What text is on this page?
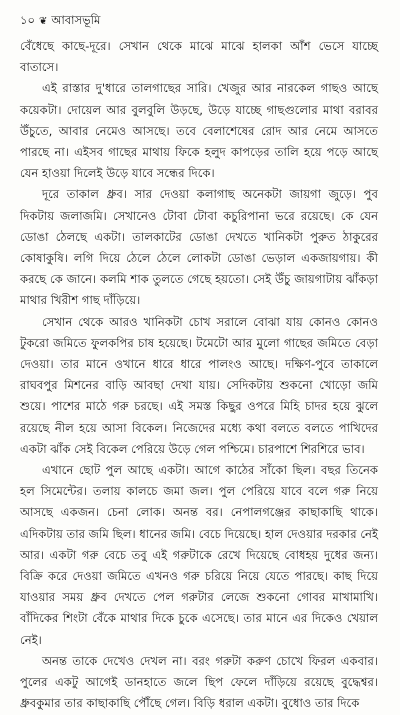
১০ ❦ আবাসভূমি

বেঁধেছে কাছে-দূরে। সেখান থেকে মাঝে মাঝে হালকা আঁশ ভেসে যাচ্ছে বাতাসে।

এই রাস্তার দু'ধারে তালগাছের সারি। খেজুর আর নারকেল গাছও আছে কয়েকটা। দোয়েল আর বুলবুলি উড়ছে, উড়ে যাচ্ছে গাছগুলোর মাথা বরাবর উঁচুতে, আবার নেমেও আসছে। তবে বেলাশেষের রোদ আর নেমে আসতে পারছে না। এইসব গাছের মাথায় ফিকে হলুদ কাপড়ের তালি হয়ে পড়ে আছে যেন হাওয়া দিলেই উড়ে যাবে সন্ধের দিকে।

দূরে তাকাল ধ্রুব। সার দেওয়া কলাগাছ অনেকটা জায়গা জুড়ে। পুব দিকটায় জলাজমি। সেখানেও টোবা টোবা কচুরিপানা ভরে রয়েছে। কে যেন ডোঙা ঠেলছে একটা। তালকাটের ডোঙা দেখতে খানিকটা পুরুত ঠাকুরের কোষাকুষি। লগি দিয়ে ঠেলে ঠেলে লোকটা ডোঙা ভেড়াল একজায়গায়। কী করছে কে জানে। কলমি শাক তুলতে গেছে হয়তো। সেই উঁচু জায়গাটায় ঝাঁকড়া মাথার খিরীশ গাছ দাঁড়িয়ে।

সেখান থেকে আরও খানিকটা চোখ সরালে বোঝা যায় কোনও কোনও টুকরো জমিতে ফুলকপির চাষ হয়েছে। টমেটো আর মুলো গাছের জমিতে বেড়া দেওয়া। তার মানে ওখানে ধারে ধারে পালংও আছে। দক্ষিণ-পুবে তাকালে রাঘবপুর মিশনের বাড়ি আবছা দেখা যায়। সেদিকটায় শুকনো খোড়ো জমি শুয়ে। পাশের মাঠে গরু চরছে। এই সমস্ত কিছুর ওপরে মিহি চাদর হয়ে ঝুলে রয়েছে নীল হয়ে আসা বিকেল। নিজেদের মধ্যে কথা বলতে বলতে পাখিদের একটা ঝাঁক সেই বিকেল পেরিয়ে উড়ে গেল পশ্চিমে। চারপাশে শিরশিরে ভাব।

এখানে ছোট পুল আছে একটা। আগে কাঠের সাঁকো ছিল। বছর তিনেক হল সিমেন্টের। তলায় কালচে জমা জল। পুল পেরিয়ে যাবে বলে গরু নিয়ে আসছে একজন। চেনা লোক। অনন্ত বর। নেপালগঞ্জের কাছাকাছি থাকে। এদিকটায় তার জমি ছিল। ধানের জমি। বেচে দিয়েছে। হাল দেওয়ার দরকার নেই আর। একটা গরু বেচে তবু এই গরুটাকে রেখে দিয়েছে বোধহয় দুধের জন্য। বিক্রি করে দেওয়া জমিতে এখনও গরু চরিয়ে নিয়ে যেতে পারছে। কাছ দিয়ে যাওয়ার সময় ধ্রুব দেখতে পেল গরুটার লেজে শুকনো গোবর মাখামাখি। বাঁদিকের শিংটা বেঁকে মাথার দিকে চুকে এসেছে। তার মানে এর দিকেও খেয়াল নেই।

অনন্ত তাকে দেখেও দেখল না। বরং গরুটা করুণ চোখে ফিরল একবার। পুলের একটু আগেই ডানহাতে জলে ছিপ ফেলে দাঁড়িয়ে রয়েছে বুদ্ধেশ্বর। ধ্রুবকুমার তার কাছাকাছি পৌঁছে গেল। বিড়ি ধরাল একটা। বুধোও তার দিকে
